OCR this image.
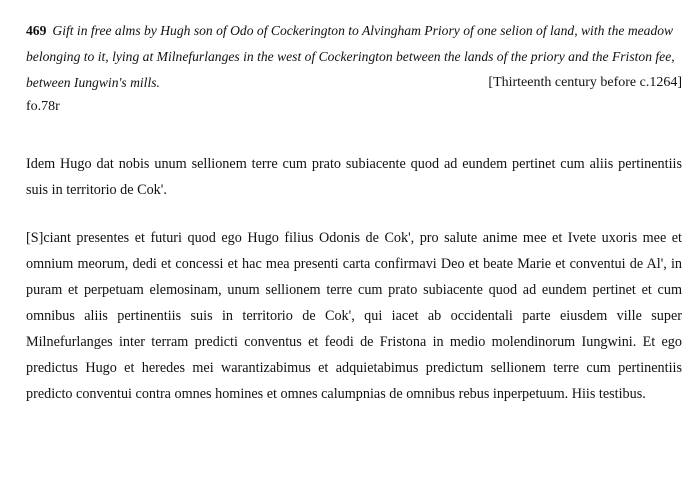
469 Gift in free alms by Hugh son of Odo of Cockerington to Alvingham Priory of one selion of land, with the meadow belonging to it, lying at Milnefurlanges in the west of Cockerington between the lands of the priory and the Friston fee, between Iungwin's mills.	[Thirteenth century before c.1264]
fo.78r

Idem Hugo dat nobis unum sellionem terre cum prato subiacente quod ad eundem pertinet cum aliis pertinentiis suis in territorio de Cok'.

[S]ciant presentes et futuri quod ego Hugo filius Odonis de Cok', pro salute anime mee et Ivete uxoris mee et omnium meorum, dedi et concessi et hac mea presenti carta confirmavi Deo et beate Marie et conventui de Al', in puram et perpetuam elemosinam, unum sellionem terre cum prato subiacente quod ad eundem pertinet et cum omnibus aliis pertinentiis suis in territorio de Cok', qui iacet ab occidentali parte eiusdem ville super Milnefurlanges inter terram predicti conventus et feodi de Fristona in medio molendinorum Iungwini. Et ego predictus Hugo et heredes mei warantizabimus et adquietabimus predictum sellionem terre cum pertinentiis predicto conventui contra omnes homines et omnes calumpnias de omnibus rebus inperpetuum. Hiis testibus.
